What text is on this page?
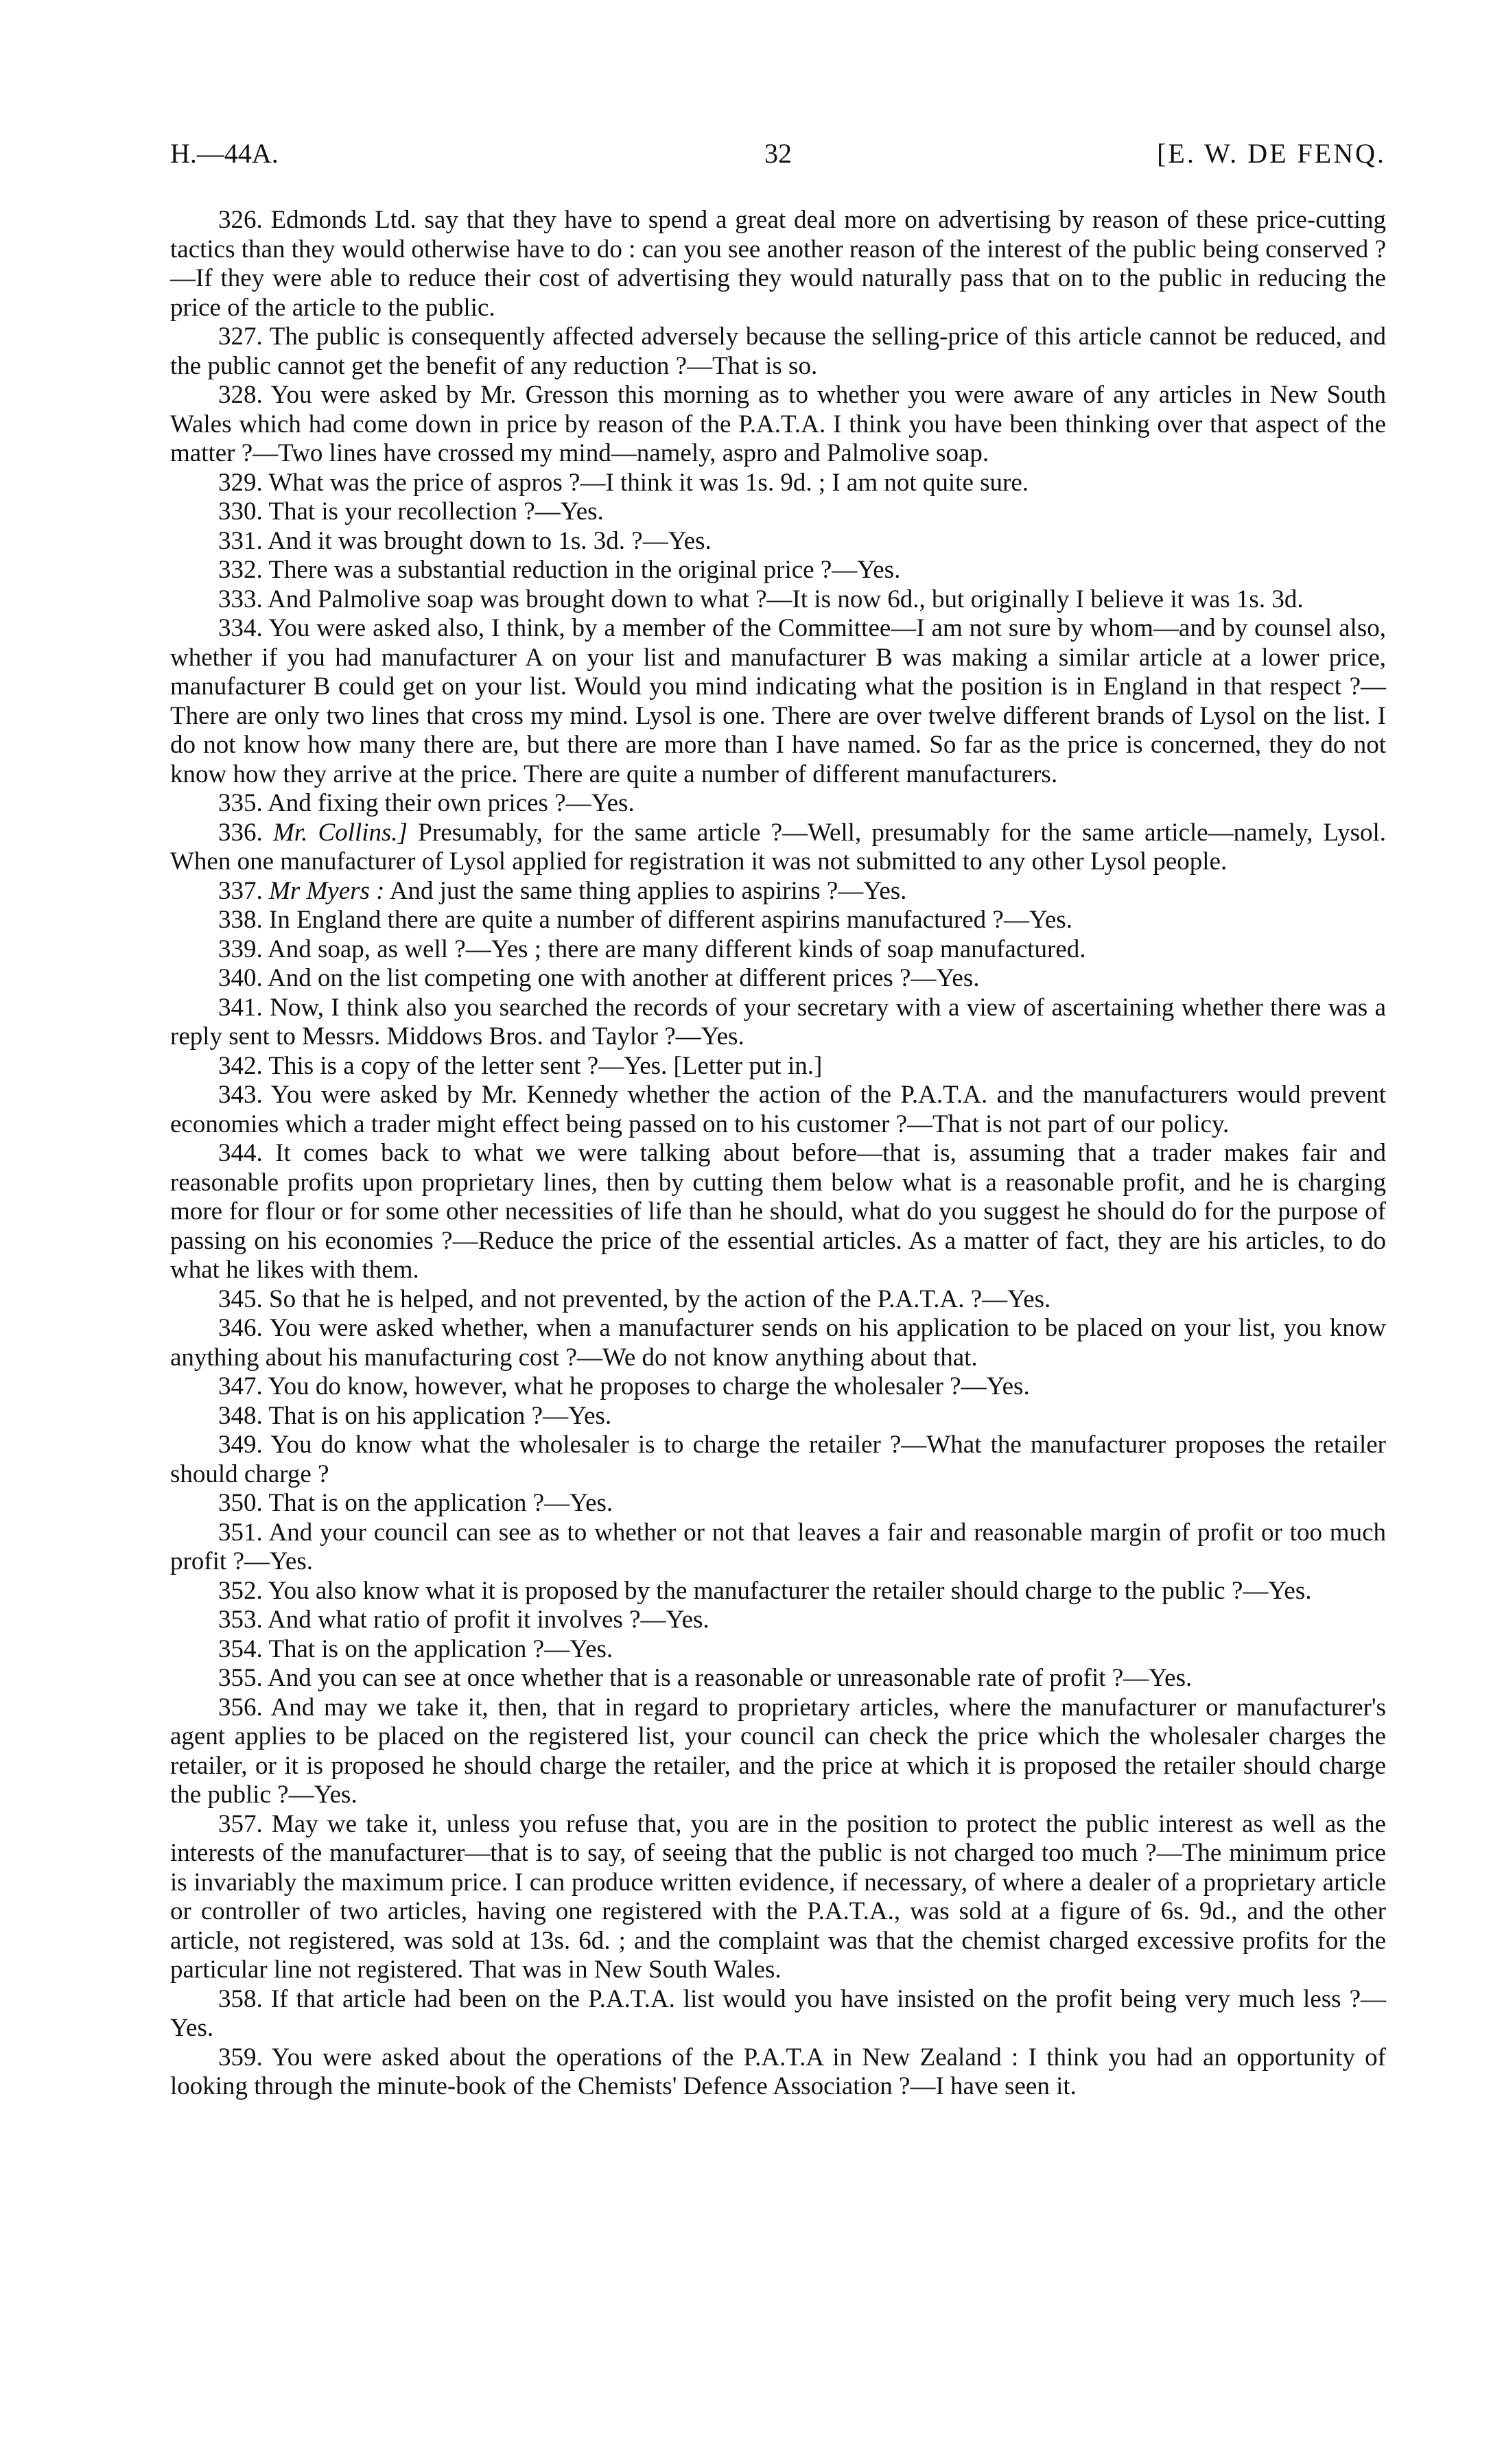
H.—44A.	32	[E. W. DE FENQ.

326. Edmonds Ltd. say that they have to spend a great deal more on advertising by reason of these price-cutting tactics than they would otherwise have to do : can you see another reason of the interest of the public being conserved ?—If they were able to reduce their cost of advertising they would naturally pass that on to the public in reducing the price of the article to the public.

327. The public is consequently affected adversely because the selling-price of this article cannot be reduced, and the public cannot get the benefit of any reduction ?—That is so.

328. You were asked by Mr. Gresson this morning as to whether you were aware of any articles in New South Wales which had come down in price by reason of the P.A.T.A. I think you have been thinking over that aspect of the matter ?—Two lines have crossed my mind—namely, aspro and Palmolive soap.

329. What was the price of aspros ?—I think it was 1s. 9d. ; I am not quite sure.

330. That is your recollection ?—Yes.

331. And it was brought down to 1s. 3d. ?—Yes.

332. There was a substantial reduction in the original price ?—Yes.

333. And Palmolive soap was brought down to what ?—It is now 6d., but originally I believe it was 1s. 3d.

334. You were asked also, I think, by a member of the Committee—I am not sure by whom—and by counsel also, whether if you had manufacturer A on your list and manufacturer B was making a similar article at a lower price, manufacturer B could get on your list. Would you mind indicating what the position is in England in that respect ?—There are only two lines that cross my mind. Lysol is one. There are over twelve different brands of Lysol on the list. I do not know how many there are, but there are more than I have named. So far as the price is concerned, they do not know how they arrive at the price. There are quite a number of different manufacturers.

335. And fixing their own prices ?—Yes.

336. Mr. Collins.] Presumably, for the same article ?—Well, presumably for the same article—namely, Lysol. When one manufacturer of Lysol applied for registration it was not submitted to any other Lysol people.

337. Mr Myers : And just the same thing applies to aspirins ?—Yes.

338. In England there are quite a number of different aspirins manufactured ?—Yes.

339. And soap, as well ?—Yes ; there are many different kinds of soap manufactured.

340. And on the list competing one with another at different prices ?—Yes.

341. Now, I think also you searched the records of your secretary with a view of ascertaining whether there was a reply sent to Messrs. Middows Bros. and Taylor ?—Yes.

342. This is a copy of the letter sent ?—Yes. [Letter put in.]

343. You were asked by Mr. Kennedy whether the action of the P.A.T.A. and the manufacturers would prevent economies which a trader might effect being passed on to his customer ?—That is not part of our policy.

344. It comes back to what we were talking about before—that is, assuming that a trader makes fair and reasonable profits upon proprietary lines, then by cutting them below what is a reasonable profit, and he is charging more for flour or for some other necessities of life than he should, what do you suggest he should do for the purpose of passing on his economies ?—Reduce the price of the essential articles. As a matter of fact, they are his articles, to do what he likes with them.

345. So that he is helped, and not prevented, by the action of the P.A.T.A. ?—Yes.

346. You were asked whether, when a manufacturer sends on his application to be placed on your list, you know anything about his manufacturing cost ?—We do not know anything about that.

347. You do know, however, what he proposes to charge the wholesaler ?—Yes.

348. That is on his application ?—Yes.

349. You do know what the wholesaler is to charge the retailer ?—What the manufacturer proposes the retailer should charge ?

350. That is on the application ?—Yes.

351. And your council can see as to whether or not that leaves a fair and reasonable margin of profit or too much profit ?—Yes.

352. You also know what it is proposed by the manufacturer the retailer should charge to the public ?—Yes.

353. And what ratio of profit it involves ?—Yes.

354. That is on the application ?—Yes.

355. And you can see at once whether that is a reasonable or unreasonable rate of profit ?—Yes.

356. And may we take it, then, that in regard to proprietary articles, where the manufacturer or manufacturer's agent applies to be placed on the registered list, your council can check the price which the wholesaler charges the retailer, or it is proposed he should charge the retailer, and the price at which it is proposed the retailer should charge the public ?—Yes.

357. May we take it, unless you refuse that, you are in the position to protect the public interest as well as the interests of the manufacturer—that is to say, of seeing that the public is not charged too much ?—The minimum price is invariably the maximum price. I can produce written evidence, if necessary, of where a dealer of a proprietary article or controller of two articles, having one registered with the P.A.T.A., was sold at a figure of 6s. 9d., and the other article, not registered, was sold at 13s. 6d. ; and the complaint was that the chemist charged excessive profits for the particular line not registered. That was in New South Wales.

358. If that article had been on the P.A.T.A. list would you have insisted on the profit being very much less ?—Yes.

359. You were asked about the operations of the P.A.T.A in New Zealand : I think you had an opportunity of looking through the minute-book of the Chemists' Defence Association ?—I have seen it.
